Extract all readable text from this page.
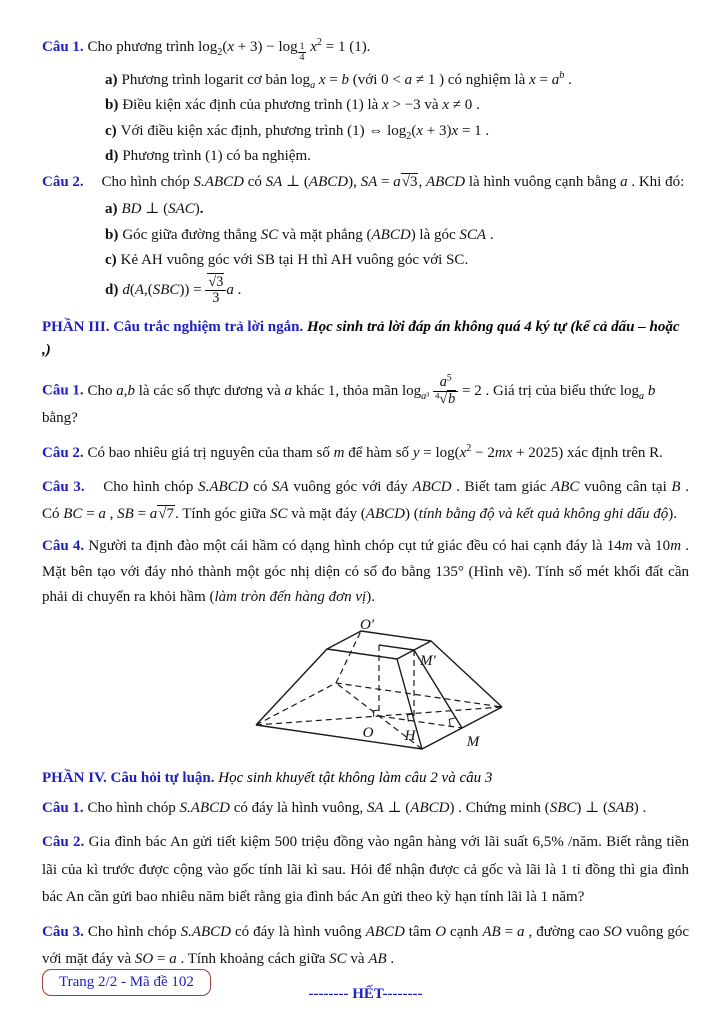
Câu 1. Cho phương trình $\log_2(x + 3) - \log _{\frac{1}{4}}$ $x^2 = 1$ (1).

a) Phương trình logarit cơ bản $\log_a x = b$ (với 0 < a ≠ 1 ) có nghiệm là $x = a^b$ .

b) Điều kiện xác định của phương trình (1) là x > −3 và x ≠ 0 .

c) Với điều kiện xác định, phương trình (1) ⇔ $\log_2(x + 3)x = 1$ .

d) Phương trình (1) có ba nghiệm.

Câu 2. Cho hình chóp S.ABCD có SA ⊥ (ABCD), SA = a√3, ABCD là hình vuông cạnh bằng a . Khi đó:

a) BD ⊥ (SAC).

b) Góc giữa đường thẳng SC và mặt phẳng (ABCD) là góc SCA .

c) Kẻ AH vuông góc với SB tại H thì AH vuông góc với SC.

d) $d(A,(SBC)) = \frac{√3}{3}$ a .

PHẦN III. Câu trắc nghiệm trả lời ngắn. Học sinh trả lời đáp án không quá 4 ký tự (kể cả dấu – hoặc ,)

Câu 1. Cho a,b là các số thực dương và a khác 1, thỏa mãn $\log_{a^3} \frac{a^5}{^4√b} = 2$ . Giá trị của biểu thức $\log_a b$ bằng?

Câu 2. Có bao nhiêu giá trị nguyên của tham số m để hàm số $y = \log(x^2 - 2mx + 2025)$ xác định trên R.

Câu 3. Cho hình chóp S.ABCD có SA vuông góc với đáy ABCD . Biết tam giác ABC vuông cân tại B . Có BC = a , SB = a√7. Tính góc giữa SC và mặt đáy (ABCD) (tính bằng độ và kết quả không ghi dấu độ).

Câu 4. Người ta định đào một cái hầm có dạng hình chóp cụt tứ giác đều có hai cạnh đáy là 14m và 10m . Mặt bên tạo với đáy nhỏ thành một góc nhị diện có số đo bằng 135° (Hình vẽ). Tính số mét khối đất cần phải di chuyển ra khỏi hầm (làm tròn đến hàng đơn vị).

O′
M′
O H	M

PHẦN IV. Câu hỏi tự luận. Học sinh khuyết tật không làm câu 2 và câu 3

Câu 1. Cho hình chóp S.ABCD có đáy là hình vuông, SA ⊥ (ABCD) . Chứng minh (SBC) ⊥ (SAB) .

Câu 2. Gia đình bác An gửi tiết kiệm 500 triệu đồng vào ngân hàng với lãi suất 6,5% /năm. Biết rằng tiền lãi của kì trước được cộng vào gốc tính lãi kì sau. Hỏi để nhận được cả gốc và lãi là 1 tỉ đồng thì gia đình bác An cần gửi bao nhiêu năm biết rằng gia đình bác An gửi theo kỳ hạn tính lãi là 1 năm?

Câu 3. Cho hình chóp S.ABCD có đáy là hình vuông ABCD tâm O cạnh AB = a , đường cao SO vuông góc với mặt đáy và SO = a . Tính khoảng cách giữa SC và AB .

-------- HẾT--------

Trang 2/2 - Mã đề 102
